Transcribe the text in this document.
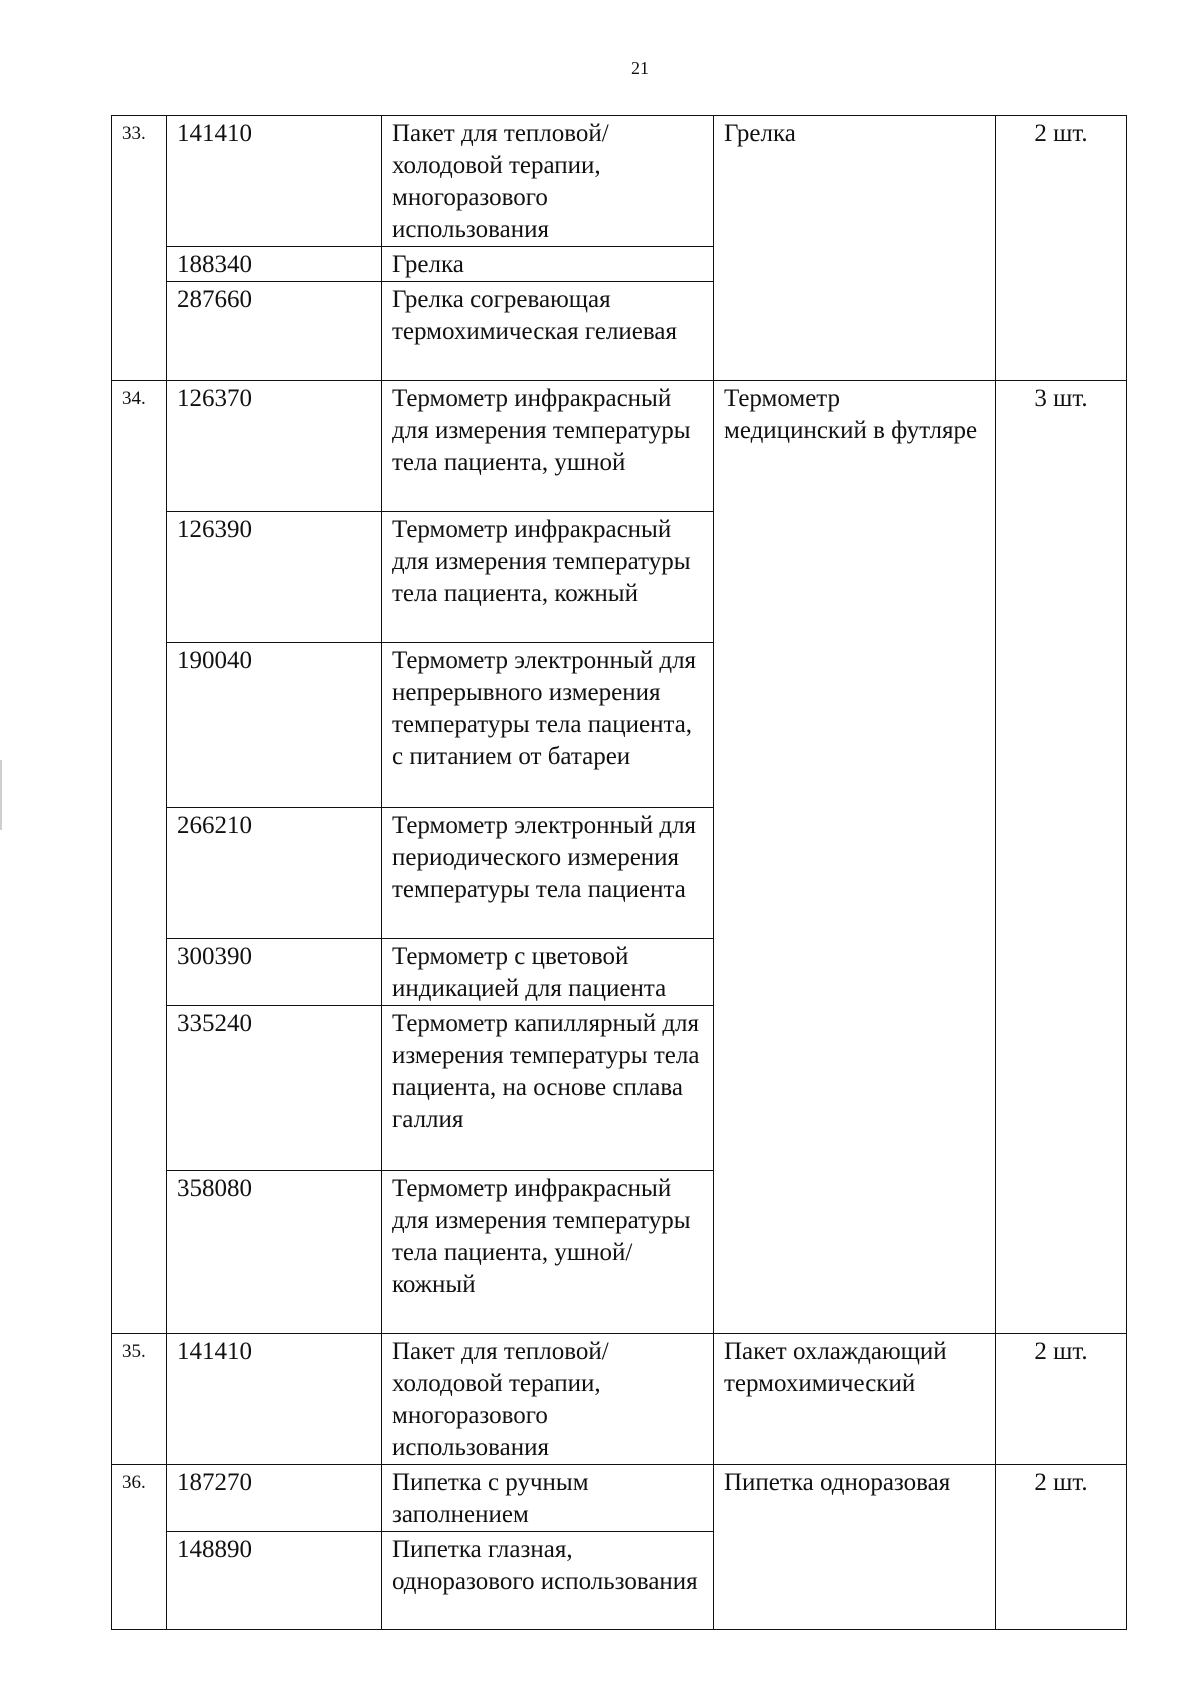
21
33.	141410	Пакет для тепловой/холодовой терапии, многоразового использования	Грелка	2 шт.
	188340	Грелка		
	287660	Грелка согревающая термохимическая гелиевая		
34.	126370	Термометр инфракрасный для измерения температуры тела пациента, ушной	Термометр медицинский в футляре	3 шт.
	126390	Термометр инфракрасный для измерения температуры тела пациента, кожный		
	190040	Термометр электронный для непрерывного измерения температуры тела пациента, с питанием от батареи		
	266210	Термометр электронный для периодического измерения температуры тела пациента		
	300390	Термометр с цветовой индикацией для пациента		
	335240	Термометр капиллярный для измерения температуры тела пациента, на основе сплава галлия		
	358080	Термометр инфракрасный для измерения температуры тела пациента, ушной/кожный		
35.	141410	Пакет для тепловой/холодовой терапии, многоразового использования	Пакет охлаждающий термохимический	2 шт.
36.	187270	Пипетка с ручным заполнением	Пипетка одноразовая	2 шт.
	148890	Пипетка глазная, одноразового использования		
